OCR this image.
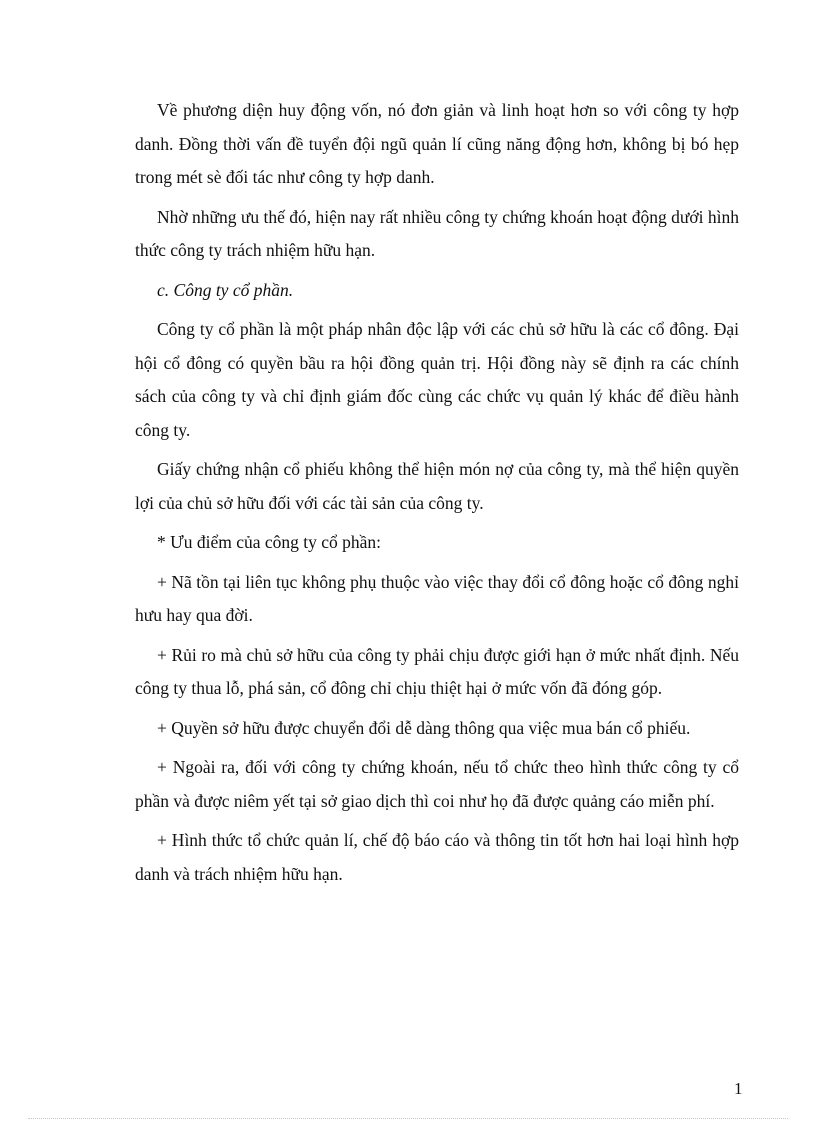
Về phương diện huy động vốn, nó đơn giản và linh hoạt hơn so với công ty hợp danh. Đồng thời vấn đề tuyển đội ngũ quản lí cũng năng động hơn, không bị bó hẹp trong mét sè đối tác như công ty hợp danh.

Nhờ những ưu thế đó, hiện nay rất nhiều công ty chứng khoán hoạt động dưới hình thức công ty trách nhiệm hữu hạn.

c. Công ty cổ phần.

Công ty cổ phần là một pháp nhân độc lập với các chủ sở hữu là các cổ đông. Đại hội cổ đông có quyền bầu ra hội đồng quản trị. Hội đồng này sẽ định ra các chính sách của công ty và chỉ định giám đốc cùng các chức vụ quản lý khác để điều hành công ty.

Giấy chứng nhận cổ phiếu không thể hiện món nợ của công ty, mà thể hiện quyền lợi của chủ sở hữu đối với các tài sản của công ty.

* Ưu điểm của công ty cổ phần:

+ Nã tồn tại liên tục không phụ thuộc vào việc thay đổi cổ đông hoặc cổ đông nghỉ hưu hay qua đời.

+ Rủi ro mà chủ sở hữu của công ty phải chịu được giới hạn ở mức nhất định. Nếu công ty thua lỗ, phá sản, cổ đông chỉ chịu thiệt hại ở mức vốn đã đóng góp.

+ Quyền sở hữu được chuyển đổi dễ dàng thông qua việc mua bán cổ phiếu.

+ Ngoài ra, đối với công ty chứng khoán, nếu tổ chức theo hình thức công ty cổ phần và được niêm yết tại sở giao dịch thì coi như họ đã được quảng cáo miễn phí.

+ Hình thức tổ chức quản lí, chế độ báo cáo và thông tin tốt hơn hai loại hình hợp danh và trách nhiệm hữu hạn.

1
